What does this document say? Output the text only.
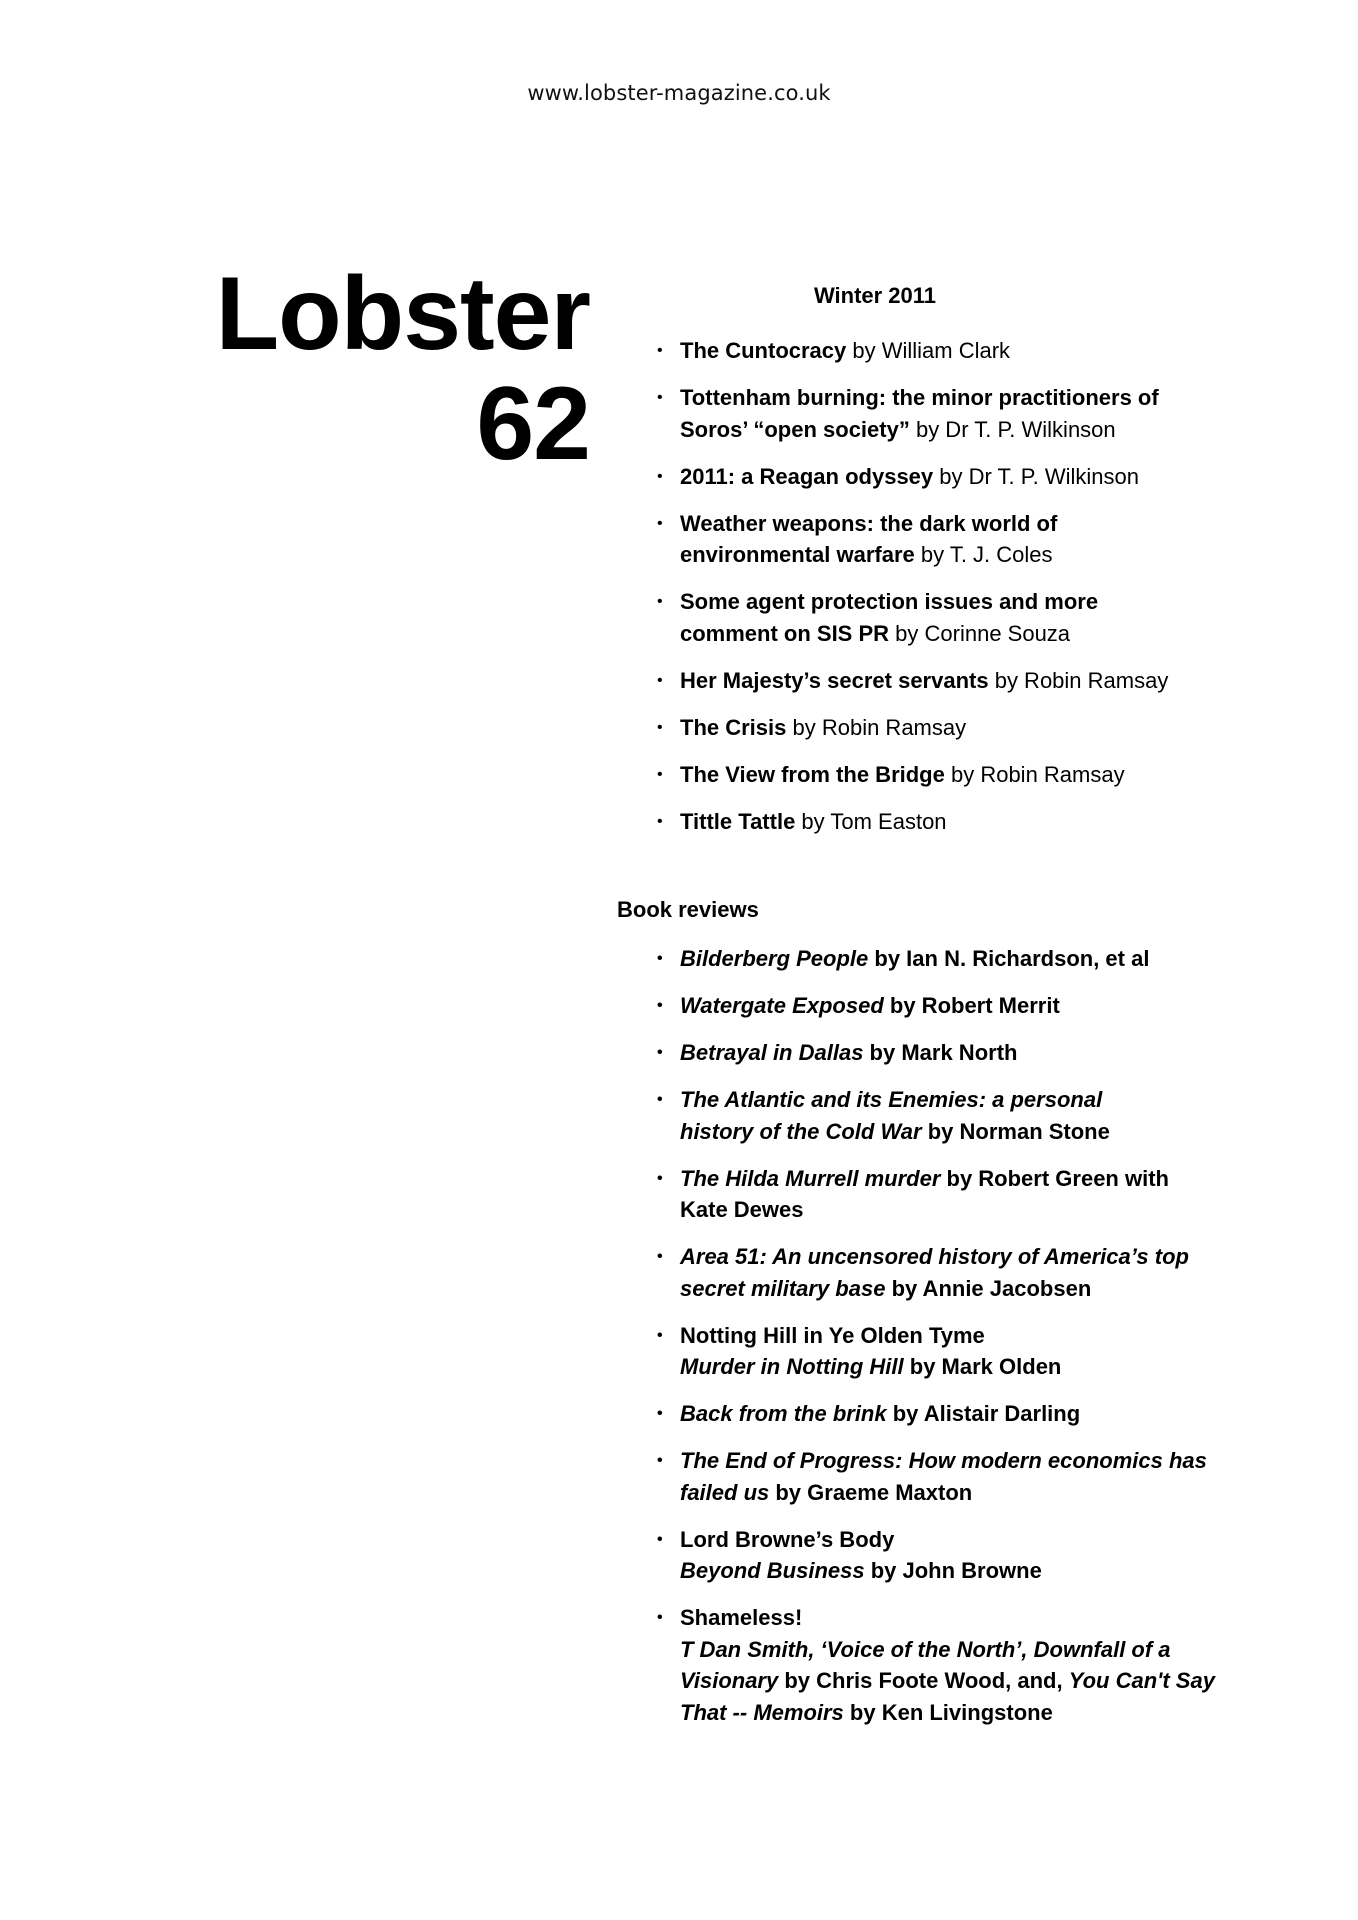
www.lobster-magazine.co.uk
Lobster
62
Winter 2011
• The Cuntocracy by William Clark
• Tottenham burning: the minor practitioners of Soros’ “open society” by Dr T. P. Wilkinson
• 2011: a Reagan odyssey by Dr T. P. Wilkinson
• Weather weapons: the dark world of environmental warfare by T. J. Coles
• Some agent protection issues and more comment on SIS PR by Corinne Souza
• Her Majesty’s secret servants by Robin Ramsay
• The Crisis by Robin Ramsay
• The View from the Bridge by Robin Ramsay
• Tittle Tattle by Tom Easton
Book reviews
• Bilderberg People by Ian N. Richardson, et al
• Watergate Exposed by Robert Merrit
• Betrayal in Dallas by Mark North
• The Atlantic and its Enemies: a personal history of the Cold War by Norman Stone
• The Hilda Murrell murder by Robert Green with Kate Dewes
• Area 51: An uncensored history of America’s top secret military base by Annie Jacobsen
• Notting Hill in Ye Olden Tyme
Murder in Notting Hill by Mark Olden
• Back from the brink by Alistair Darling
• The End of Progress: How modern economics has failed us by Graeme Maxton
• Lord Browne’s Body
Beyond Business by John Browne
• Shameless!
T Dan Smith, ‘Voice of the North’, Downfall of a Visionary by Chris Foote Wood, and, You Can't Say That -- Memoirs by Ken Livingstone
